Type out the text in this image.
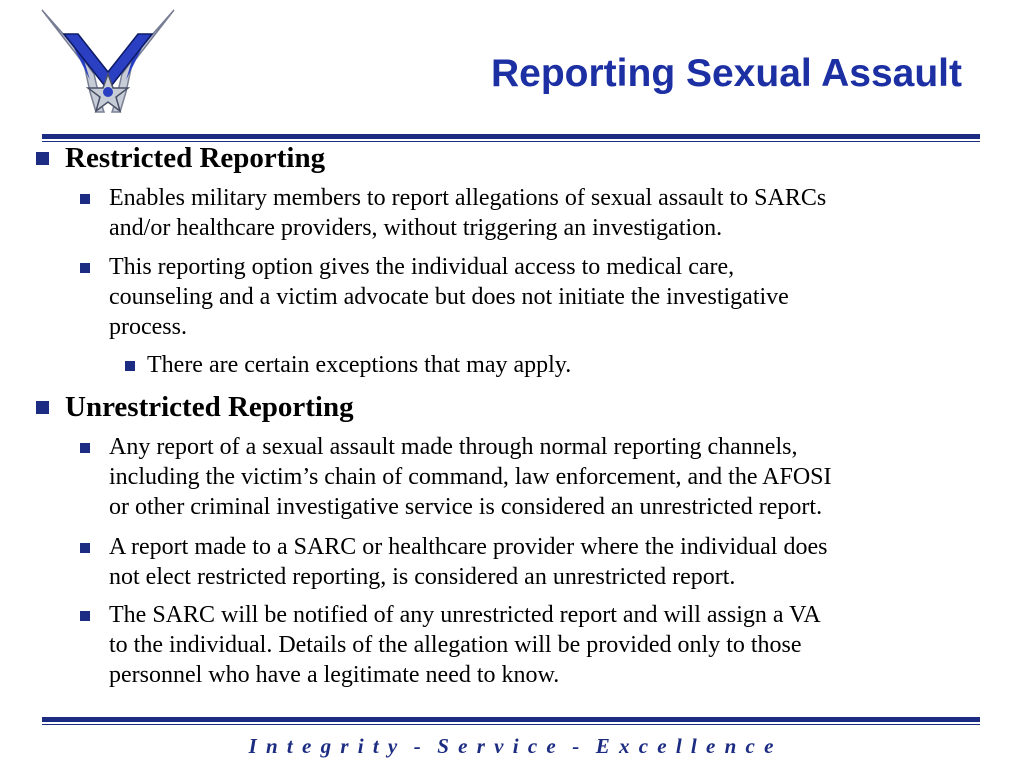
Reporting Sexual Assault
Restricted Reporting
Enables military members to report allegations of sexual assault to SARCs
and/or healthcare providers, without triggering an investigation.
This reporting option gives the individual access to medical care,
counseling and a victim advocate but does not initiate the investigative
process.
There are certain exceptions that may apply.
Unrestricted Reporting
Any report of a sexual assault made through normal reporting channels,
including the victim’s chain of command, law enforcement, and the AFOSI
or other criminal investigative service is considered an unrestricted report.
A report made to a SARC or healthcare provider where the individual does
not elect restricted reporting, is considered an unrestricted report.
The SARC will be notified of any unrestricted report and will assign a VA
to the individual. Details of the allegation will be provided only to those
personnel who have a legitimate need to know.
I n t e g r i t y  -  S e r v i c e  -  E x c e l l e n c e
